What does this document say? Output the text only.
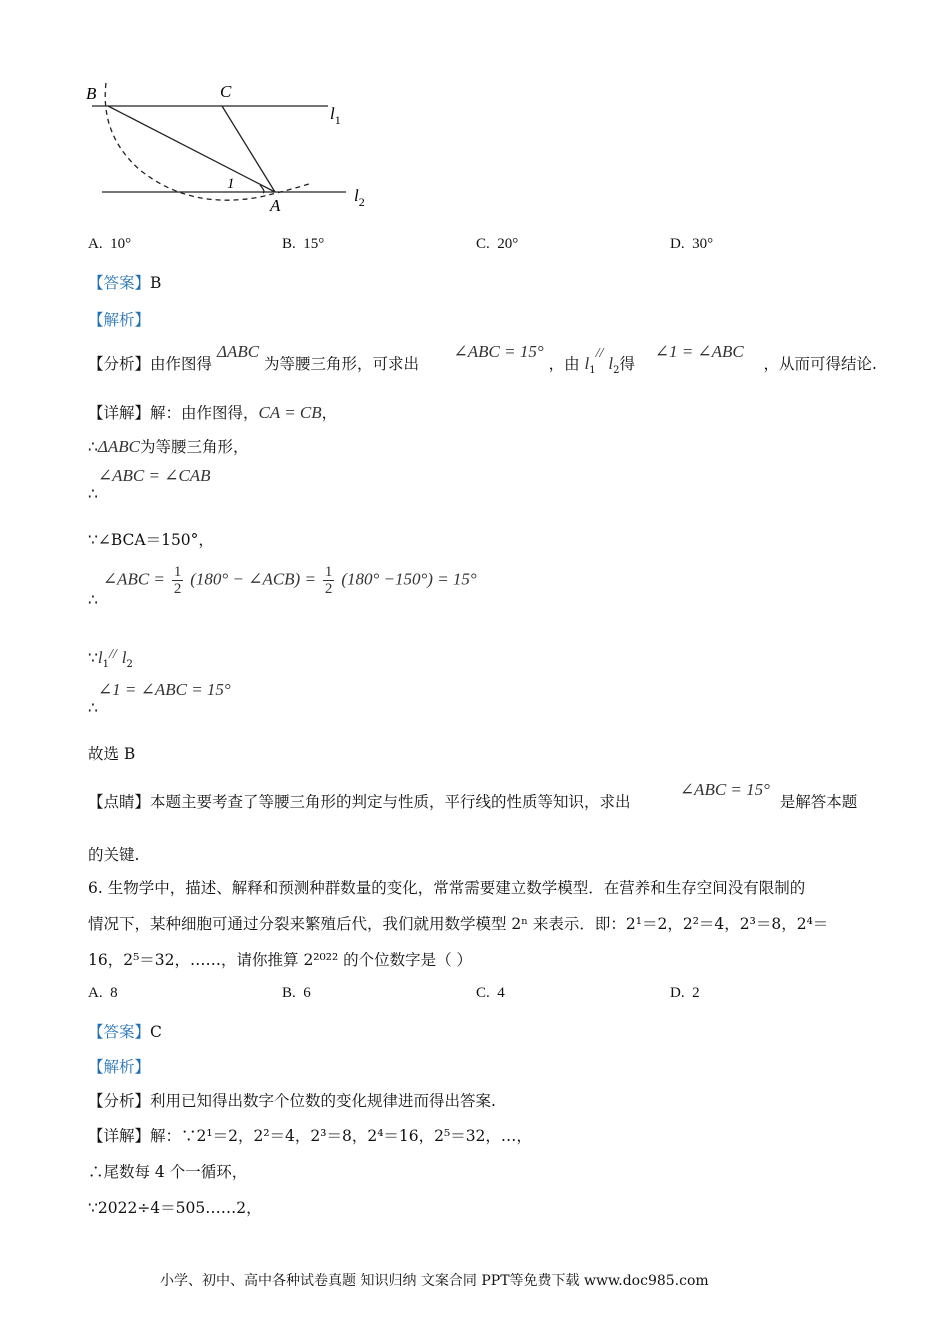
B	C
A
1
$l_1$
$l_2$
A. 10°	B. 15°	C. 20°	D. 30°
【答案】B
【解析】
【分析】由作图得 ΔABC 为等腰三角形，可求出       ∠ABC = 15° ，由 $l_1//$ $l_2$得    ∠1 = ∠ABC    ，从而可得结论.
【详解】解：由作图得，CA = CB，
∴ΔABC为等腰三角形，
∴∠ABC = ∠CAB
∵∠BCA＝150°，
∴ ∠ABC = $\frac{1}{2} (180^\circ$ − ∠ACB) = $\frac{1}{2} (180^\circ -150^\circ) = 15^\circ$
$\because l_1//$ $l_2$
∴∠1 = ∠ABC = 15°
故选 B
【点睛】本题主要考查了等腰三角形的判定与性质，平行线的性质等知识，求出          ∠ABC = 15°  是解答本题
的关键.
6. 生物学中，描述、解释和预测种群数量的变化，常常需要建立数学模型．在营养和生存空间没有限制的
情况下，某种细胞可通过分裂来繁殖后代，我们就用数学模型 2ⁿ 来表示．即：2¹＝2，2²＝4，2³＝8，2⁴＝
16，2⁵＝32，……，请你推算 2²⁰²² 的个位数字是（ ）
A. 8	B. 6	C. 4	D. 2
【答案】C
【解析】
【分析】利用已知得出数字个位数的变化规律进而得出答案.
【详解】解：∵2¹＝2，2²＝4，2³＝8，2⁴＝16，2⁵＝32，…，
∴尾数每 4 个一循环，
∵2022÷4＝505……2，
小学、初中、高中各种试卷真题 知识归纳 文案合同 PPT等免费下载 www.doc985.com
